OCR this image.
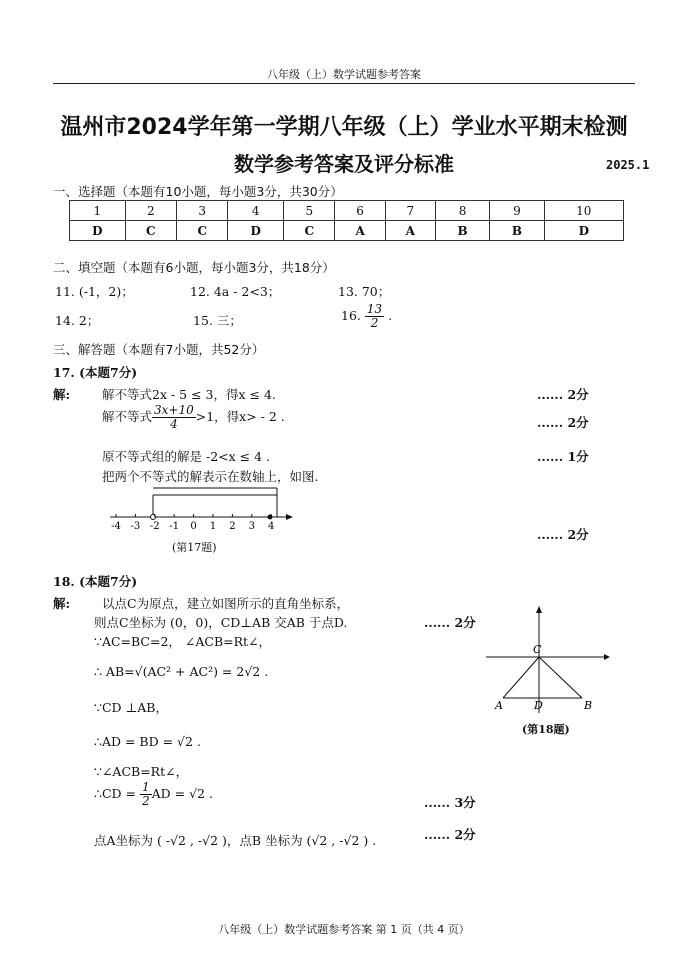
八年级（上）数学试题参考答案
温州市2024学年第一学期八年级（上）学业水平期末检测
数学参考答案及评分标准	2025.1
一、选择题（本题有10小题，每小题3分，共30分）
1	2	3	4	5	6	7	8	9	10
D	C	C	D	C	A	A	B	B	D
二、填空题（本题有6小题，每小题3分，共18分）
11. (-1，2)；	12. 4a - 2<3；	13. 70；
14. 2；	15. 三；	16. $\frac{13}{2}$ .
三、解答题（本题有7小题，共52分）
17. (本题7分)
解:	解不等式2x - 5 ≤ 3，得x ≤ 4.	...... 2分
解不等式 $\frac{3x+10}{4} >1$，得x> - 2 .	...... 2分
原不等式组的解是 -2<x ≤ 4 .	...... 1分
把两个不等式的解表示在数轴上，如图.
-4 -3 -2 -1 0 1 2 3 4
(第17题)
...... 2分
18. (本题7分)
解:	以点C为原点，建立如图所示的直角坐标系，
则点C坐标为 (0，0)，CD⊥AB 交AB 于点D.	...... 2分
∵AC=BC=2， ∠ACB=Rt∠，
∴ AB=√(AC² + AC²) = 2√2 .
∵CD ⊥AB，
∴AD = BD = √2 .
∵∠ACB=Rt∠，
∴CD = $\frac{1}{2}$ AD = √2 .
...... 3分
点A坐标为 ( -√2 , -√2 )，点B 坐标为 (√2 , -√2 ) .	...... 2分
C
A	D	B
(第18题)
八年级（上）数学试题参考答案 第 1 页（共 4 页）
